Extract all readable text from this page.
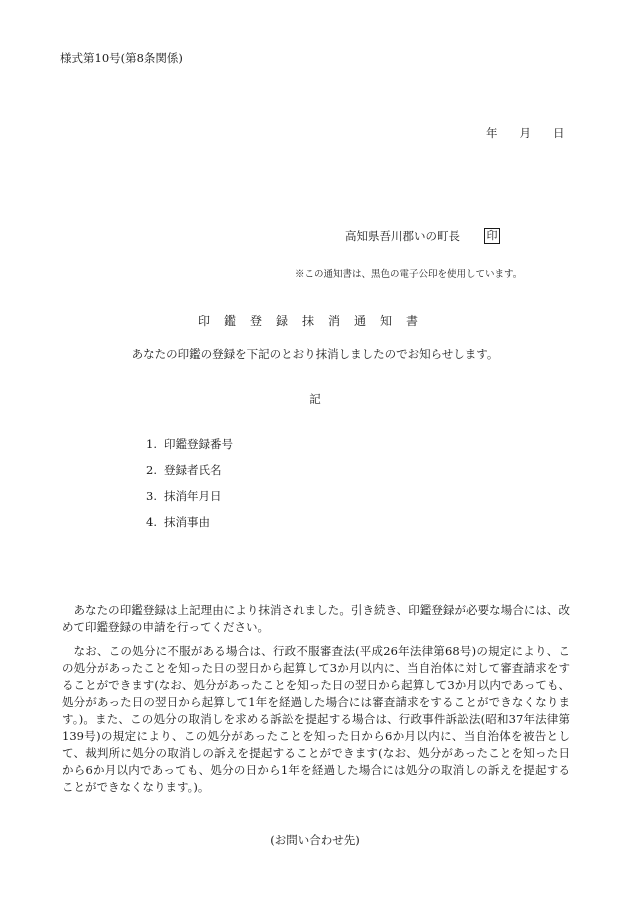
様式第10号(第8条関係)
年 月 日
高知県吾川郡いの町長 印
※この通知書は、黒色の電子公印を使用しています。
印鑑登録抹消通知書
あなたの印鑑の登録を下記のとおり抹消しましたのでお知らせします。
記
1. 印鑑登録番号
2. 登録者氏名
3. 抹消年月日
4. 抹消事由
あなたの印鑑登録は上記理由により抹消されました。引き続き、印鑑登録が必要な場合には、改めて印鑑登録の申請を行ってください。
なお、この処分に不服がある場合は、行政不服審査法(平成26年法律第68号)の規定により、この処分があったことを知った日の翌日から起算して3か月以内に、当自治体に対して審査請求をすることができます(なお、処分があったことを知った日の翌日から起算して3か月以内であっても、処分があった日の翌日から起算して1年を経過した場合には審査請求をすることができなくなります。)。また、この処分の取消しを求める訴訟を提起する場合は、行政事件訴訟法(昭和37年法律第139号)の規定により、この処分があったことを知った日から6か月以内に、当自治体を被告として、裁判所に処分の取消しの訴えを提起することができます(なお、処分があったことを知った日から6か月以内であっても、処分の日から1年を経過した場合には処分の取消しの訴えを提起することができなくなります。)。
(お問い合わせ先)
